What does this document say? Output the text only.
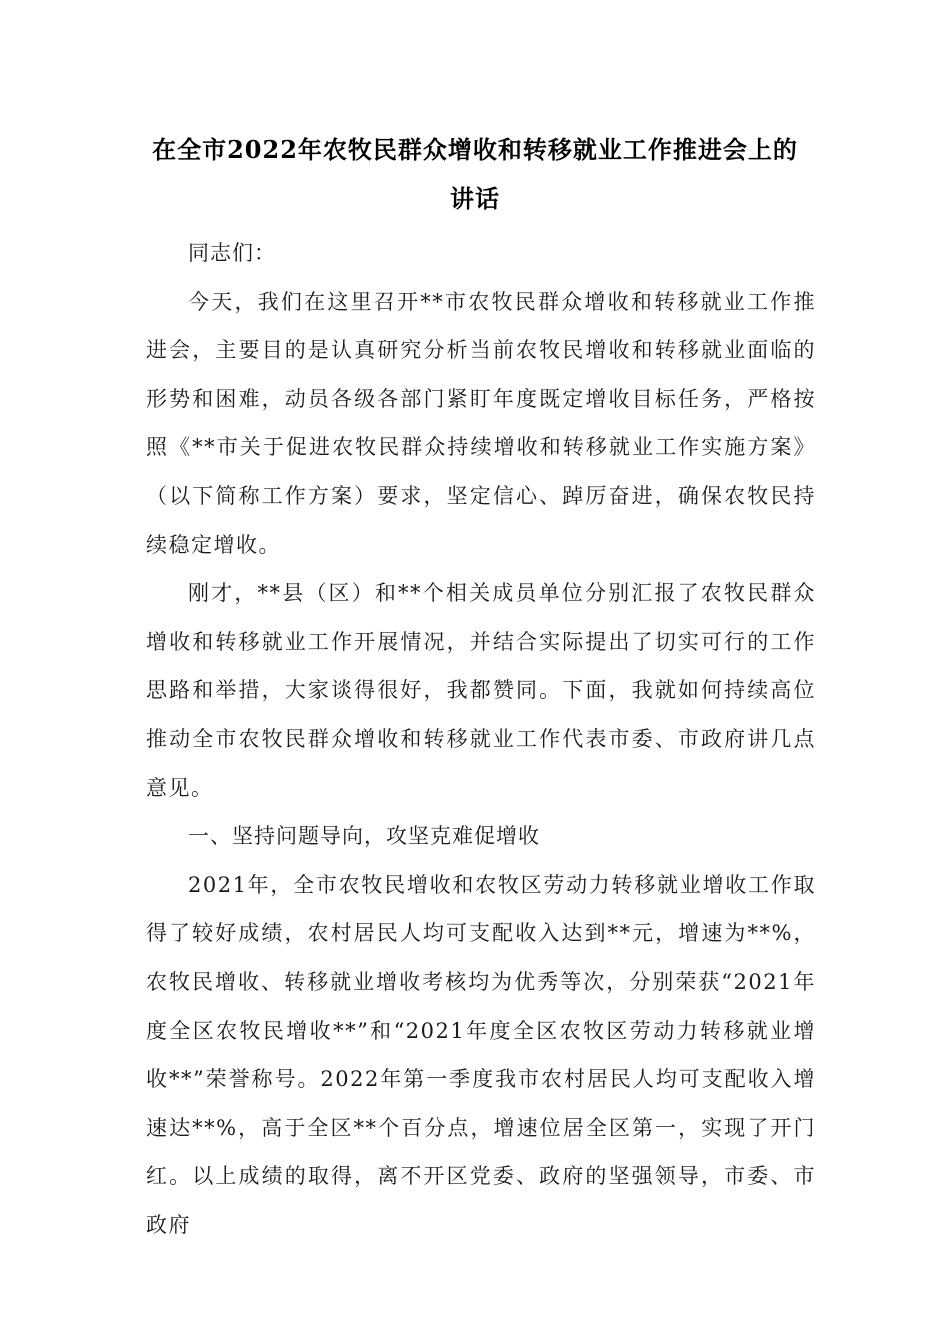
在全市2022年农牧民群众增收和转移就业工作推进会上的
讲话

同志们：

今天，我们在这里召开**市农牧民群众增收和转移就业工作推进会，主要目的是认真研究分析当前农牧民增收和转移就业面临的形势和困难，动员各级各部门紧盯年度既定增收目标任务，严格按照《**市关于促进农牧民群众持续增收和转移就业工作实施方案》（以下简称工作方案）要求，坚定信心、踔厉奋进，确保农牧民持续稳定增收。

刚才，**县（区）和**个相关成员单位分别汇报了农牧民群众增收和转移就业工作开展情况，并结合实际提出了切实可行的工作思路和举措，大家谈得很好，我都赞同。下面，我就如何持续高位推动全市农牧民群众增收和转移就业工作代表市委、市政府讲几点意见。

一、坚持问题导向，攻坚克难促增收

2021年，全市农牧民增收和农牧区劳动力转移就业增收工作取得了较好成绩，农村居民人均可支配收入达到**元，增速为**%，农牧民增收、转移就业增收考核均为优秀等次，分别荣获“2021年度全区农牧民增收**”和“2021年度全区农牧区劳动力转移就业增收**”荣誉称号。2022年第一季度我市农村居民人均可支配收入增速达**%，高于全区**个百分点，增速位居全区第一，实现了开门红。以上成绩的取得，离不开区党委、政府的坚强领导，市委、市政府
